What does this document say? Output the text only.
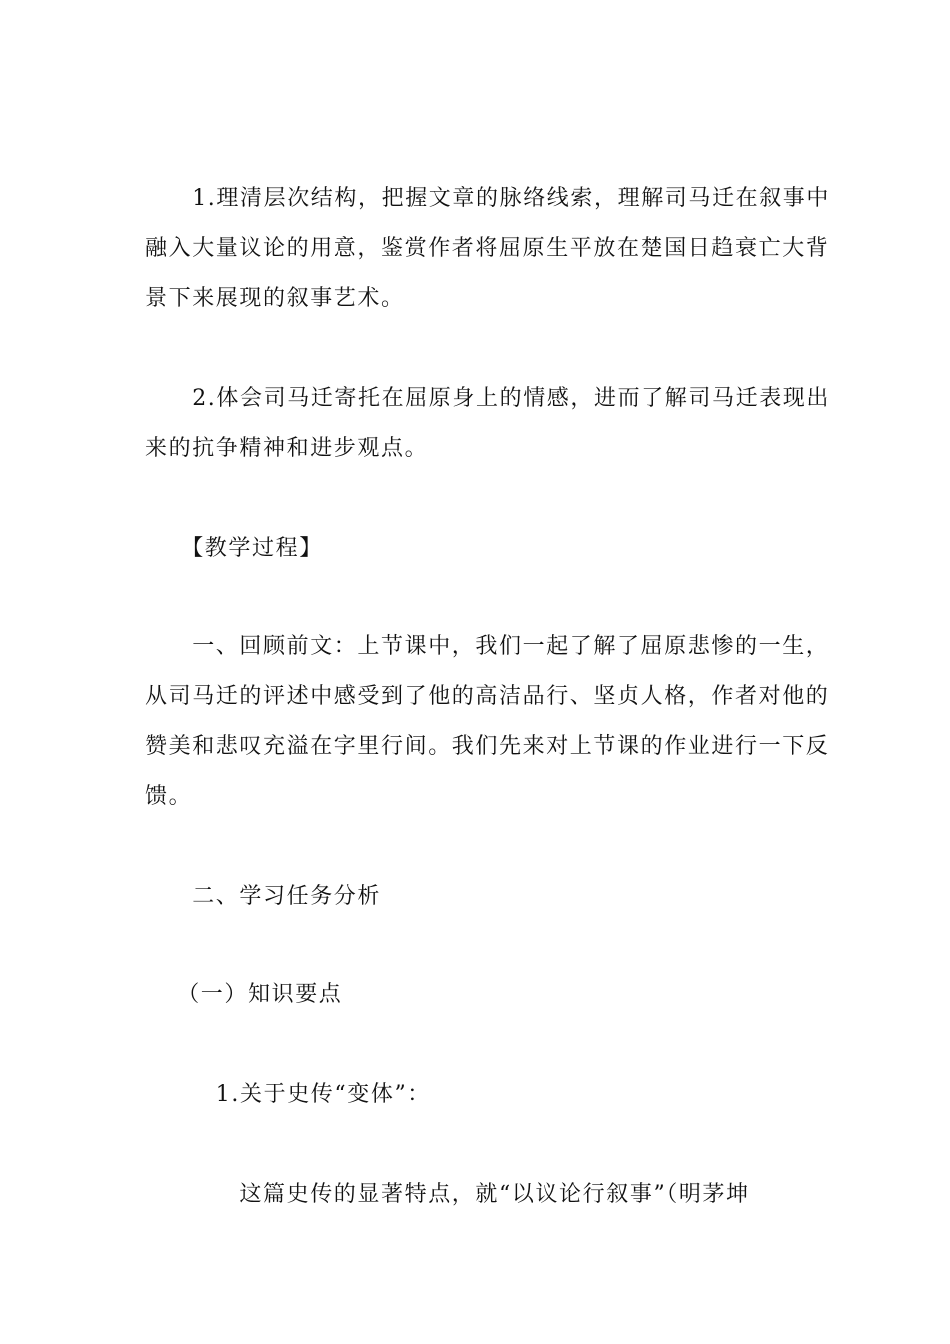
　　1.理清层次结构，把握文章的脉络线索，理解司马迁在叙事中
融入大量议论的用意，鉴赏作者将屈原生平放在楚国日趋衰亡大背
景下来展现的叙事艺术。
　　2.体会司马迁寄托在屈原身上的情感，进而了解司马迁表现出
来的抗争精神和进步观点。
　　【教学过程】
　　一、回顾前文：上节课中，我们一起了解了屈原悲惨的一生，
从司马迁的评述中感受到了他的高洁品行、坚贞人格，作者对他的
赞美和悲叹充溢在字里行间。我们先来对上节课的作业进行一下反
馈。
　　二、学习任务分析
　 （一）知识要点
　　　1.关于史传“变体”：
　　　　这篇史传的显著特点，就“以议论行叙事”（明茅坤
